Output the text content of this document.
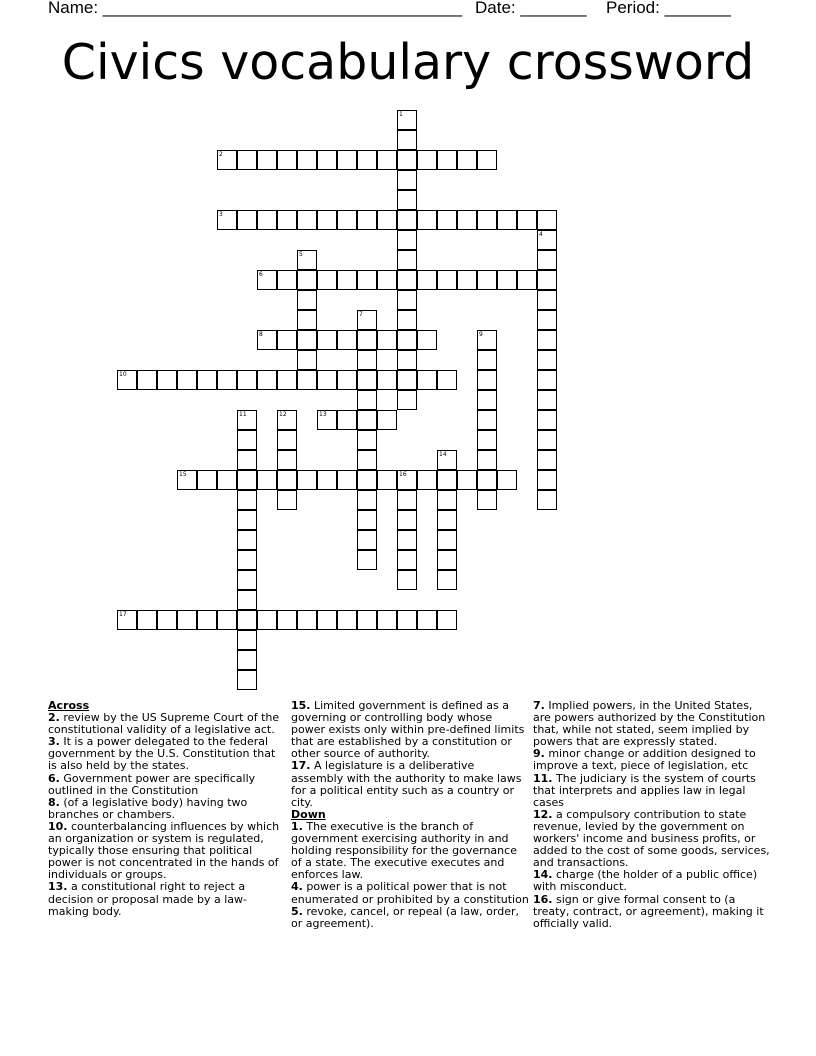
Name: ______________________________________ Date: _______ Period: _______
Civics vocabulary crossword
1
2
3
4
5
6
7
8	9
10
11	12	13
14
15	16
17

Across

2. review by the US Supreme Court of the constitutional validity of a legislative act.

3. It is a power delegated to the federal government by the U.S. Constitution that is also held by the states.

6. Government power are specifically outlined in the Constitution

8. (of a legislative body) having two branches or chambers.

10. counterbalancing influences by which an organization or system is regulated, typically those ensuring that political power is not concentrated in the hands of individuals or groups.

13. a constitutional right to reject a decision or proposal made by a law-making body.

15. Limited government is defined as a governing or controlling body whose power exists only within pre-defined limits that are established by a constitution or other source of authority.

17. A legislature is a deliberative assembly with the authority to make laws for a political entity such as a country or city.

Down

1. The executive is the branch of government exercising authority in and holding responsibility for the governance of a state. The executive executes and enforces law.

4. power is a political power that is not enumerated or prohibited by a constitution

5. revoke, cancel, or repeal (a law, order, or agreement).

7. Implied powers, in the United States, are powers authorized by the Constitution that, while not stated, seem implied by powers that are expressly stated.

9. minor change or addition designed to improve a text, piece of legislation, etc

11. The judiciary is the system of courts that interprets and applies law in legal cases

12. a compulsory contribution to state revenue, levied by the government on workers' income and business profits, or added to the cost of some goods, services, and transactions.

14. charge (the holder of a public office) with misconduct.

16. sign or give formal consent to (a treaty, contract, or agreement), making it officially valid.
